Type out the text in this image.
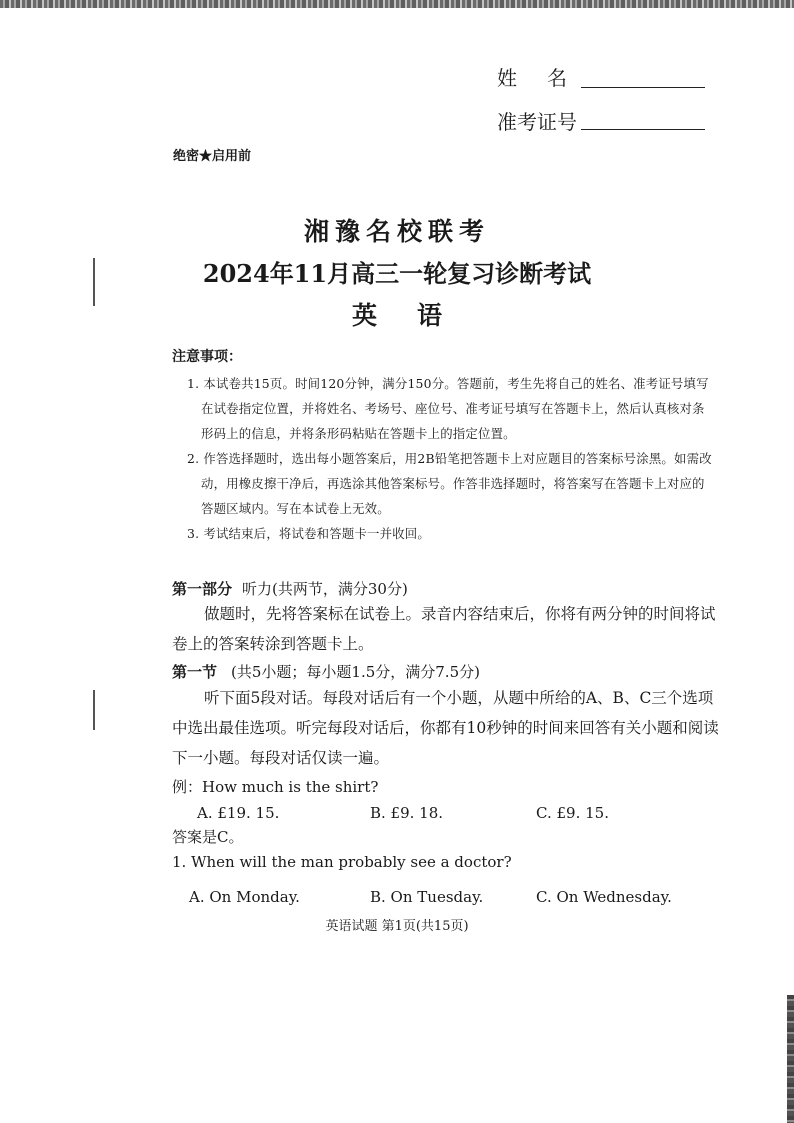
姓名
准考证号
绝密★启用前
湘豫名校联考
2024年11月高三一轮复习诊断考试
英语
注意事项：
1. 本试卷共15页。时间120分钟，满分150分。答题前，考生先将自己的姓名、准考证号填写在试卷指定位置，并将姓名、考场号、座位号、准考证号填写在答题卡上，然后认真核对条形码上的信息，并将条形码粘贴在答题卡上的指定位置。
2. 作答选择题时，选出每小题答案后，用2B铅笔把答题卡上对应题目的答案标号涂黑。如需改动，用橡皮擦干净后，再选涂其他答案标号。作答非选择题时，将答案写在答题卡上对应的答题区域内。写在本试卷上无效。
3. 考试结束后，将试卷和答题卡一并收回。
第一部分 听力(共两节，满分30分)
做题时，先将答案标在试卷上。录音内容结束后，你将有两分钟的时间将试卷上的答案转涂到答题卡上。
第一节 (共5小题；每小题1.5分，满分7.5分)
听下面5段对话。每段对话后有一个小题，从题中所给的A、B、C三个选项中选出最佳选项。听完每段对话后，你都有10秒钟的时间来回答有关小题和阅读下一小题。每段对话仅读一遍。
例：How much is the shirt?
A. £19. 15.	B. £9. 18.	C. £9. 15.
答案是C。
1. When will the man probably see a doctor?
A. On Monday.	B. On Tuesday.	C. On Wednesday.
英语试题 第1页(共15页)
